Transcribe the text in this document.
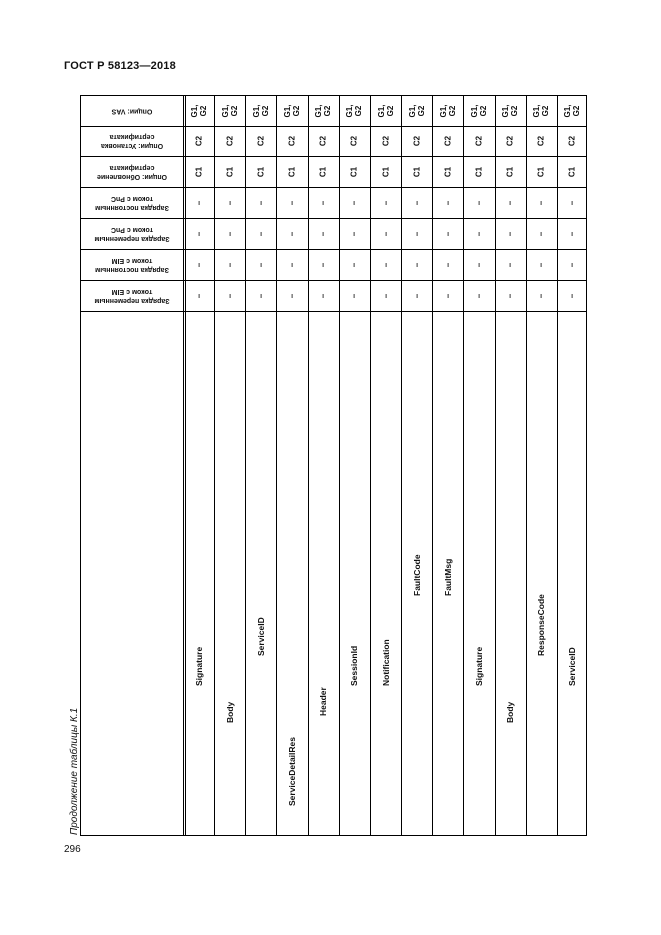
ГОСТ Р 58123—2018
Продолжение таблицы К.1
296
Опции: VAS
Опции: Установка сертификата
Опции: Обновление сертификата
Зарядка постоянным током с PnC
Зарядка переменным током с PnC
Зарядка постоянным током с EIM
Зарядка переменным током с EIM
G1, G2
C2
C1
–
–
–
–
Signature
G1, G2
C2
C1
–
–
–
–
Body
G1, G2
C2
C1
–
–
–
–
ServiceID
G1, G2
C2
C1
–
–
–
–
ServiceDetailRes
G1, G2
C2
C1
–
–
–
–
Header
G1, G2
C2
C1
–
–
–
–
SessionId
G1, G2
C2
C1
–
–
–
–
Notification
G1, G2
C2
C1
–
–
–
–
FaultCode
G1, G2
C2
C1
–
–
–
–
FaultMsg
G1, G2
C2
C1
–
–
–
–
Signature
G1, G2
C2
C1
–
–
–
–
Body
G1, G2
C2
C1
–
–
–
–
ResponseCode
G1, G2
C2
C1
–
–
–
–
ServiceID
